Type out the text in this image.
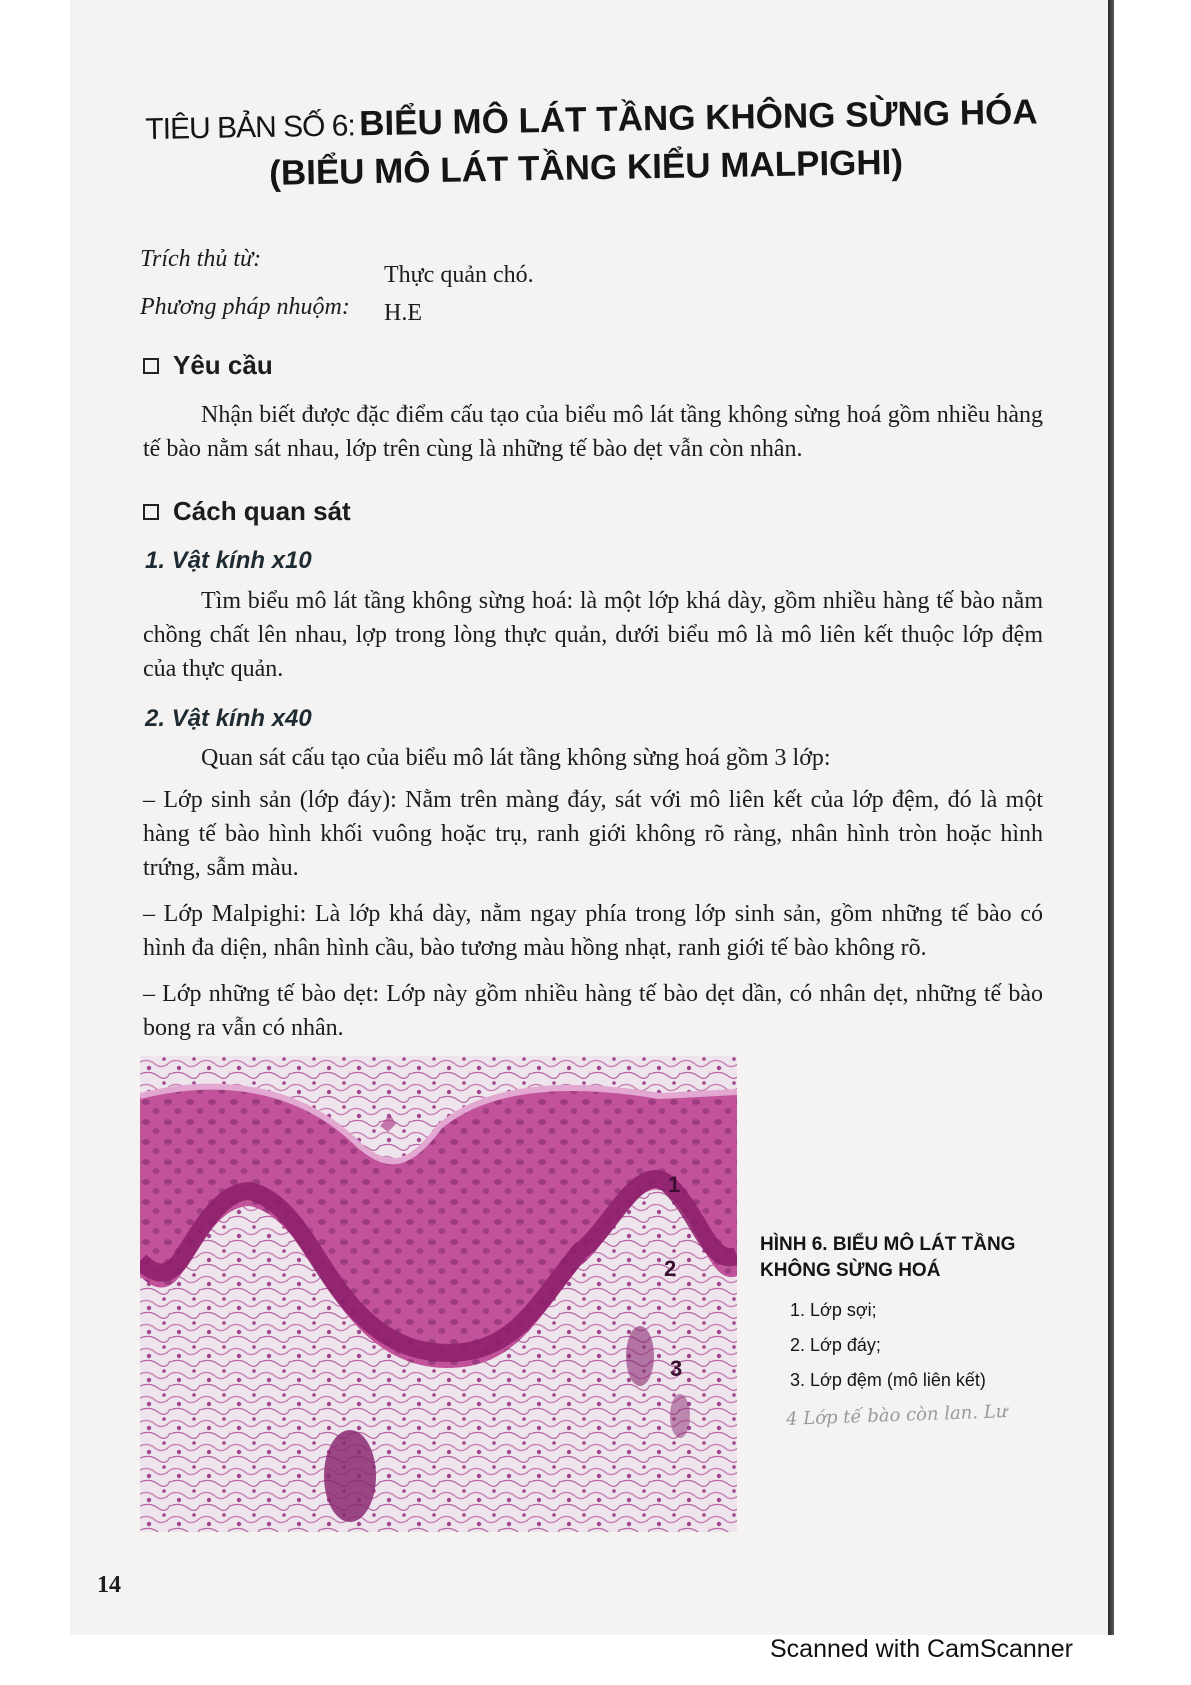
TIÊU BẢN SỐ 6: BIỂU MÔ LÁT TẦNG KHÔNG SỪNG HÓA
(BIỂU MÔ LÁT TẦNG KIỂU MALPIGHI)
Trích thủ từ:
Thực quản chó.
Phương pháp nhuộm: H.E
Yêu cầu

Nhận biết được đặc điểm cấu tạo của biểu mô lát tầng không sừng hoá gồm nhiều hàng tế bào nằm sát nhau, lớp trên cùng là những tế bào dẹt vẫn còn nhân.

Cách quan sát
1. Vật kính x10

Tìm biểu mô lát tầng không sừng hoá: là một lớp khá dày, gồm nhiều hàng tế bào nằm chồng chất lên nhau, lợp trong lòng thực quản, dưới biểu mô là mô liên kết thuộc lớp đệm của thực quản.

2. Vật kính x40

Quan sát cấu tạo của biểu mô lát tầng không sừng hoá gồm 3 lớp:

– Lớp sinh sản (lớp đáy): Nằm trên màng đáy, sát với mô liên kết của lớp đệm, đó là một hàng tế bào hình khối vuông hoặc trụ, ranh giới không rõ ràng, nhân hình tròn hoặc hình trứng, sẫm màu.

– Lớp Malpighi: Là lớp khá dày, nằm ngay phía trong lớp sinh sản, gồm những tế bào có hình đa diện, nhân hình cầu, bào tương màu hồng nhạt, ranh giới tế bào không rõ.

– Lớp những tế bào dẹt: Lớp này gồm nhiều hàng tế bào dẹt dần, có nhân dẹt, những tế bào bong ra vẫn có nhân.

1
2
3
HÌNH 6. BIỂU MÔ LÁT TẦNG KHÔNG SỪNG HOÁ
1. Lớp sợi;
2. Lớp đáy;
3. Lớp đệm (mô liên kết)
4 Lớp tế bào còn lan. Lư
14
Scanned with CamScanner
